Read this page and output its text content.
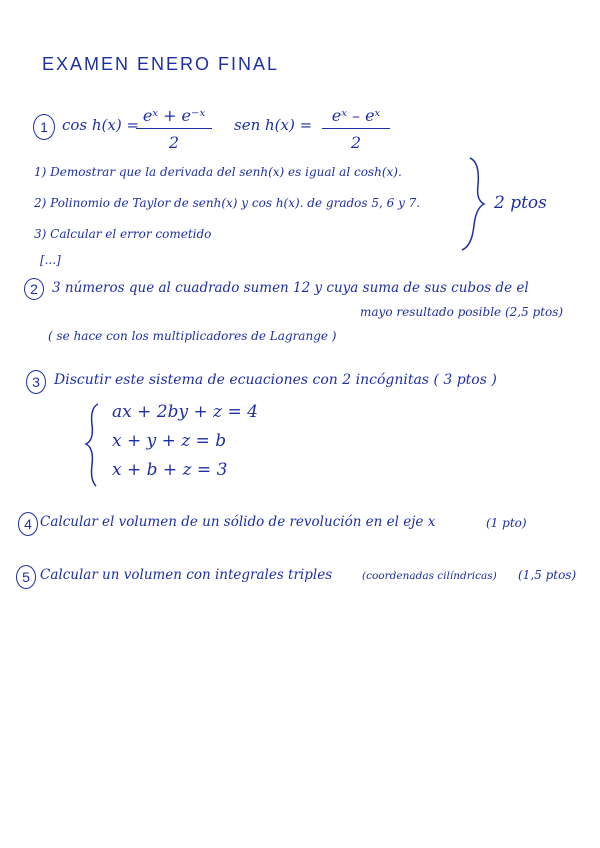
EXAMEN ENERO FINAL
1 cos h(x) = eˣ + e⁻ˣ
2
sen h(x) =	eˣ – eˣ
2
1) Demostrar que la derivada del senh(x) es igual al cosh(x).
2) Polinomio de Taylor de senh(x) y cos h(x). de grados 5, 6 y 7.
3) Calcular el error cometido
[...]
2 ptos
2 3 números que al cuadrado sumen 12 y cuya suma de sus cubos de el
mayo resultado posible (2,5 ptos)
( se hace con los multiplicadores de Lagrange )
3 Discutir este sistema de ecuaciones con 2 incógnitas ( 3 ptos )
ax + 2by + z = 4
x + y + z = b
x + b + z = 3
4 Calcular el volumen de un sólido de revolución en el eje x	(1 pto)
5 Calcular un volumen con integrales triples	(coordenadas cilíndricas) (1,5 ptos)
